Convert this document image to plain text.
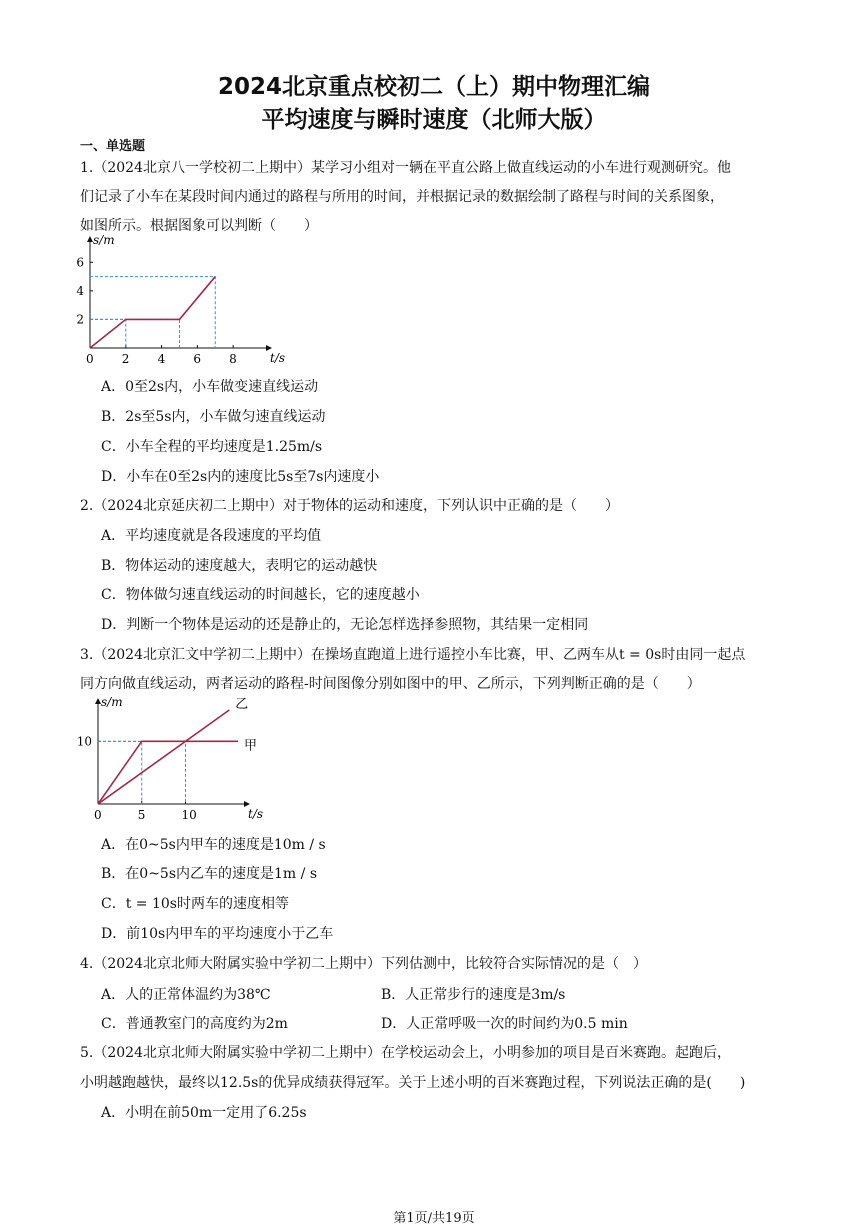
2024北京重点校初二（上）期中物理汇编
平均速度与瞬时速度（北师大版）
一、单选题
1.（2024北京八一学校初二上期中）某学习小组对一辆在平直公路上做直线运动的小车进行观测研究。他
们记录了小车在某段时间内通过的路程与所用的时间，并根据记录的数据绘制了路程与时间的关系图象，
如图所示。根据图象可以判断（　　）
t/s
s/m
0 2 4 6 8
2
4
6
A．0至2s内，小车做变速直线运动
B．2s至5s内，小车做匀速直线运动
C．小车全程的平均速度是1.25m/s
D．小车在0至2s内的速度比5s至7s内速度小
2.（2024北京延庆初二上期中）对于物体的运动和速度，下列认识中正确的是（　　）
A．平均速度就是各段速度的平均值
B．物体运动的速度越大，表明它的运动越快
C．物体做匀速直线运动的时间越长，它的速度越小
D．判断一个物体是运动的还是静止的，无论怎样选择参照物，其结果一定相同
3.（2024北京汇文中学初二上期中）在操场直跑道上进行遥控小车比赛，甲、乙两车从t = 0s时由同一起点
同方向做直线运动，两者运动的路程-时间图像分别如图中的甲、乙所示，下列判断正确的是（　　）
t/s
s/m
0	5	10
10	甲
乙
A．在0~5s内甲车的速度是10m / s
B．在0~5s内乙车的速度是1m / s
C．t = 10s时两车的速度相等
D．前10s内甲车的平均速度小于乙车
4.（2024北京北师大附属实验中学初二上期中）下列估测中，比较符合实际情况的是（　）
A．人的正常体温约为38℃	B．人正常步行的速度是3m/s
C．普通教室门的高度约为2m	D．人正常呼吸一次的时间约为0.5 min
5.（2024北京北师大附属实验中学初二上期中）在学校运动会上，小明参加的项目是百米赛跑。起跑后，
小明越跑越快，最终以12.5s的优异成绩获得冠军。关于上述小明的百米赛跑过程，下列说法正确的是(　　)
A．小明在前50m一定用了6.25s
第1页/共19页
